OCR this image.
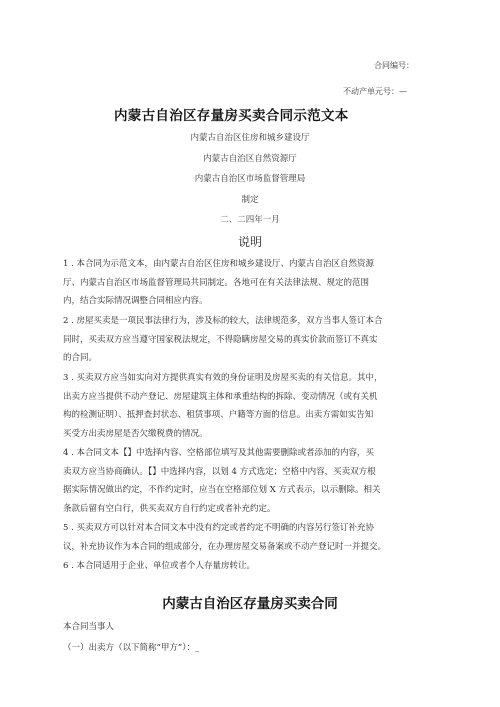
合同编号：
不动产单元号：—
内蒙古自治区存量房买卖合同示范文本
内蒙古自治区住房和城乡建设厅
内蒙古自治区自然资源厅
内蒙古自治区市场监督管理局
制定
二、二四年一月
说明
1 . 本合同为示范文本，由内蒙古自治区住房和城乡建设厅、内蒙古自治区自然资源
厅、内蒙古自治区市场监督管理局共同制定。各地可在有关法律法规、规定的范围
内，结合实际情况调整合同相应内容。
2 . 房屋买卖是一项民事法律行为，涉及标的较大，法律规范多，双方当事人签订本合
同时，买卖双方应当遵守国家税法规定，不得隐瞒房屋交易的真实价款而签订不真实
的合同。
3 . 买卖双方应当如实向对方提供真实有效的身份证明及房屋买卖的有关信息。其中，
出卖方应当提供不动产登记、房屋建筑主体和承重结构的拆除、变动情况（或有关机
构的检测证明）、抵押查封状态、租赁事项、户籍等方面的信息。出卖方需如实告知
买受方出卖房屋是否欠缴税费的情况。
4 . 本合同文本【】中选择内容、空格部位填写及其他需要删除或者添加的内容，买
卖双方应当协商确认。【】中选择内容，以划 4 方式选定；空格中内容，买卖双方根
据实际情况做出约定，不作约定时，应当在空格部位划 X 方式表示，以示删除。相关
条款后留有空白行，供买卖双方自行约定或者补充约定。
5 . 买卖双方可以针对本合同文本中没有约定或者约定不明确的内容另行签订补充协
议，补充协议作为本合同的组成部分，在办理房屋交易备案或不动产登记时一并提交。
6 . 本合同适用于企业、单位或者个人存量房转让。
内蒙古自治区存量房买卖合同
本合同当事人
（一）出卖方（以下简称“甲方”）：_
